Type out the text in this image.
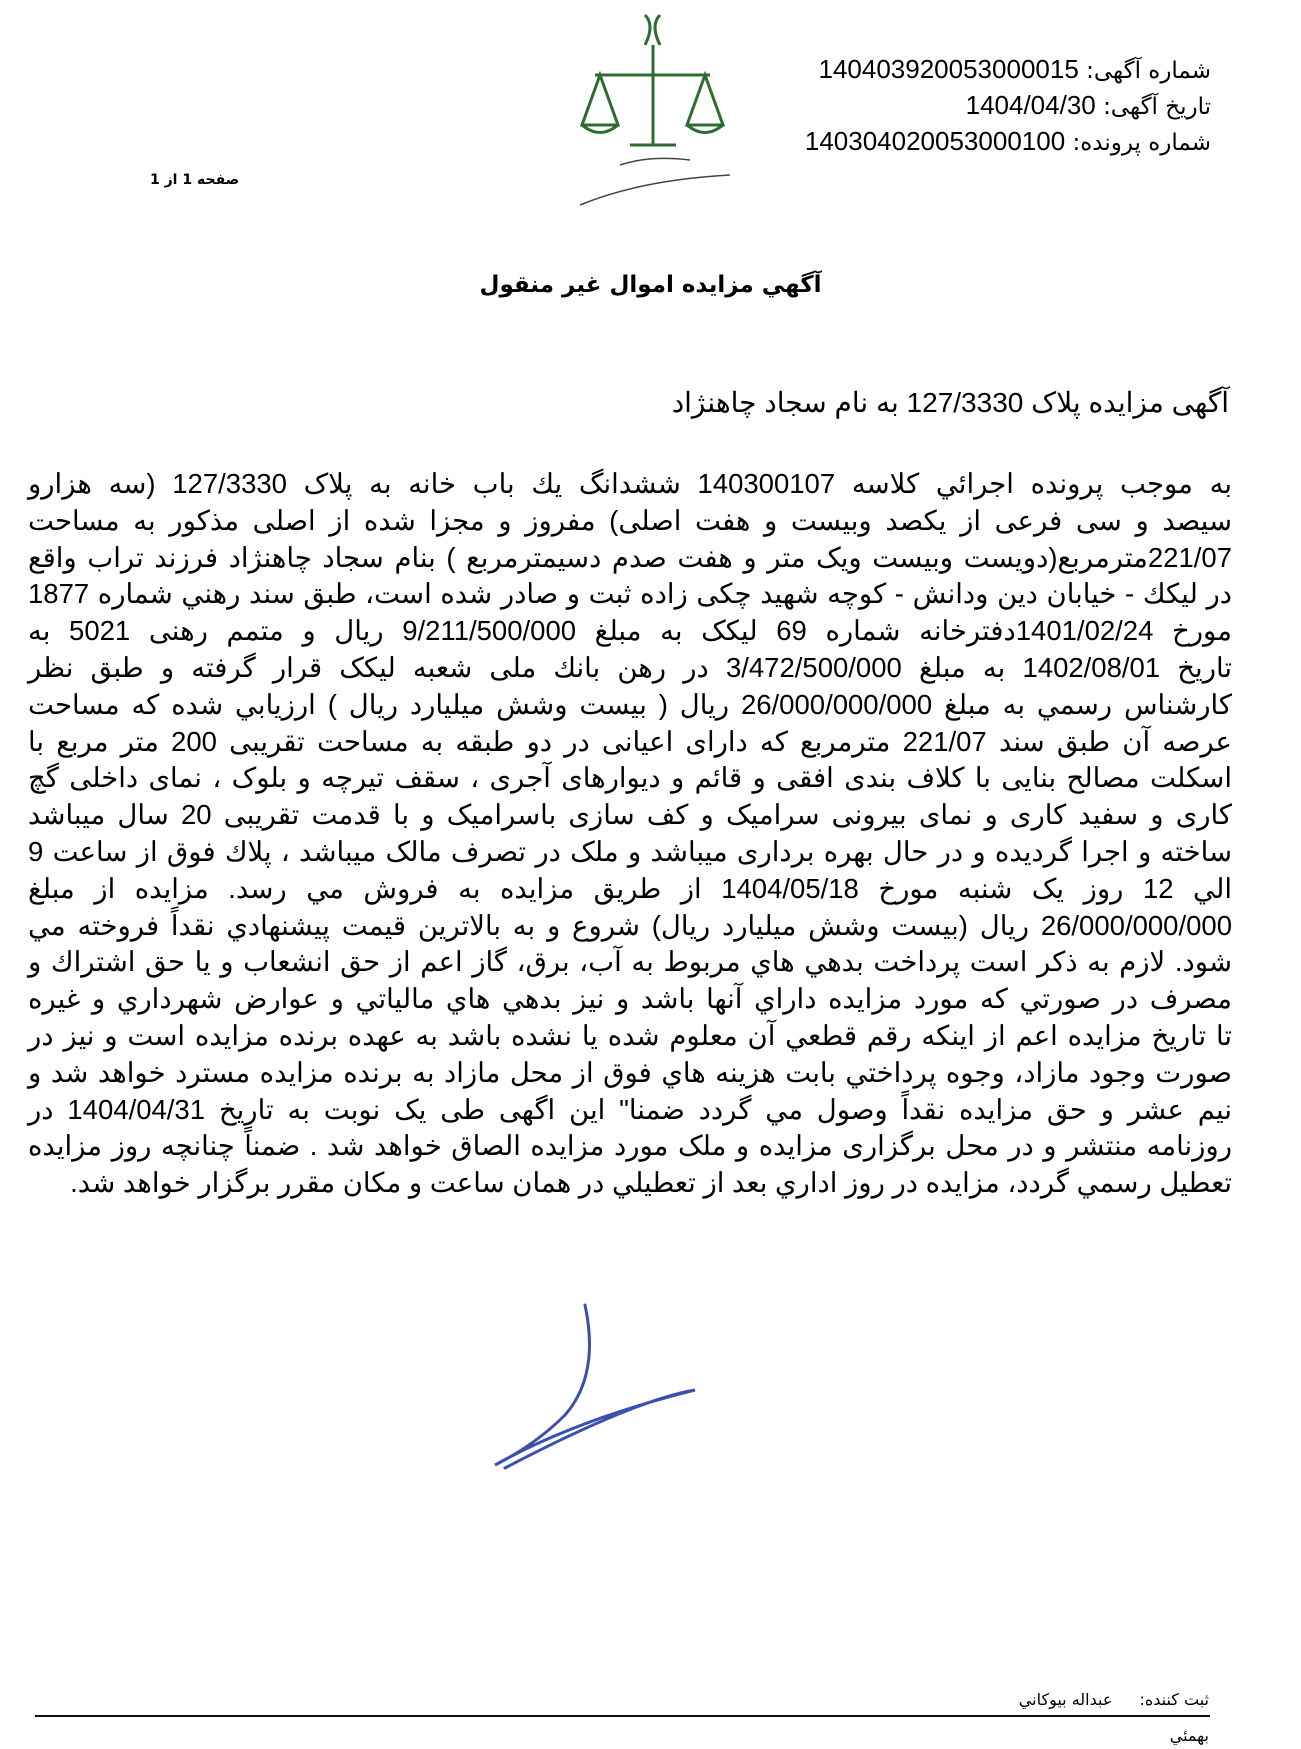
شماره آگهی: 140403920053000015
تاریخ آگهی: 1404/04/30
شماره پرونده: 140304020053000100
صفحه 1 از 1
آگهي مزايده اموال غير منقول
آگهی مزایده پلاک 127/3330 به نام سجاد چاهنژاد
به موجب پرونده اجرائي كلاسه 140300107 ششدانگ يك باب خانه به پلاک 127/3330 (سه هزارو
سیصد و سی فرعی از یکصد وبیست و هفت اصلی) مفروز و مجزا شده از اصلی مذکور به مساحت
221/07مترمربع(دویست وبیست ویک متر و هفت صدم دسیمترمربع ) بنام سجاد چاهنژاد فرزند تراب واقع
در لیکك - خیابان دین ودانش - کوچه شهید چکی زاده ثبت و صادر شده است، طبق سند رهني شماره 1877
مورخ 1401/02/24دفترخانه شماره 69 لیکک به مبلغ 9/211/500/000 ریال و متمم رهنی 5021 به
تاریخ 1402/08/01 به مبلغ 3/472/500/000 در رهن بانك ملی شعبه لیکک قرار گرفته و طبق نظر
كارشناس رسمي به مبلغ 26/000/000/000 ريال ( بیست وشش میلیارد ریال ) ارزيابي شده كه مساحت
عرصه آن طبق سند 221/07 مترمربع که دارای اعیانی در دو طبقه به مساحت تقریبی 200 متر مربع با
اسکلت مصالح بنایی با کلاف بندی افقی و قائم و دیوارهای آجری ، سقف تیرچه و بلوک ، نمای داخلی گچ
کاری و سفید کاری و نمای بیرونی سرامیک و کف سازی باسرامیک و با قدمت تقریبی 20 سال میباشد
ساخته و اجرا گردیده و در حال بهره برداری میباشد و ملک در تصرف مالک میباشد ، پلاك فوق از ساعت 9
الي 12 روز يک شنبه مورخ 1404/05/18 از طريق مزايده به فروش مي رسد. مزايده از مبلغ
26/000/000/000 ريال (بیست وشش میلیارد ریال) شروع و به بالاترين قيمت پيشنهادي نقداً فروخته مي
شود. لازم به ذكر است پرداخت بدهي هاي مربوط به آب، برق، گاز اعم از حق انشعاب و يا حق اشتراك و
مصرف در صورتي كه مورد مزايده داراي آنها باشد و نيز بدهي هاي مالياتي و عوارض شهرداري و غيره
تا تاريخ مزايده اعم از اينكه رقم قطعي آن معلوم شده يا نشده باشد به عهده برنده مزايده است و نيز در
صورت وجود مازاد، وجوه پرداختي بابت هزينه هاي فوق از محل مازاد به برنده مزايده مسترد خواهد شد و
نيم عشر و حق مزايده نقداً وصول مي گردد ضمنا" اين اگهی طی یک نوبت به تاریخ 1404/04/31 در
روزنامه منتشر و در محل برگزاری مزایده و ملک مورد مزایده الصاق خواهد شد . ضمناً چنانچه روز مزايده
تعطيل رسمي گردد، مزايده در روز اداري بعد از تعطيلي در همان ساعت و مكان مقرر برگزار خواهد شد.
ثبت كننده: عبداله بيوكاني
بهمئي
